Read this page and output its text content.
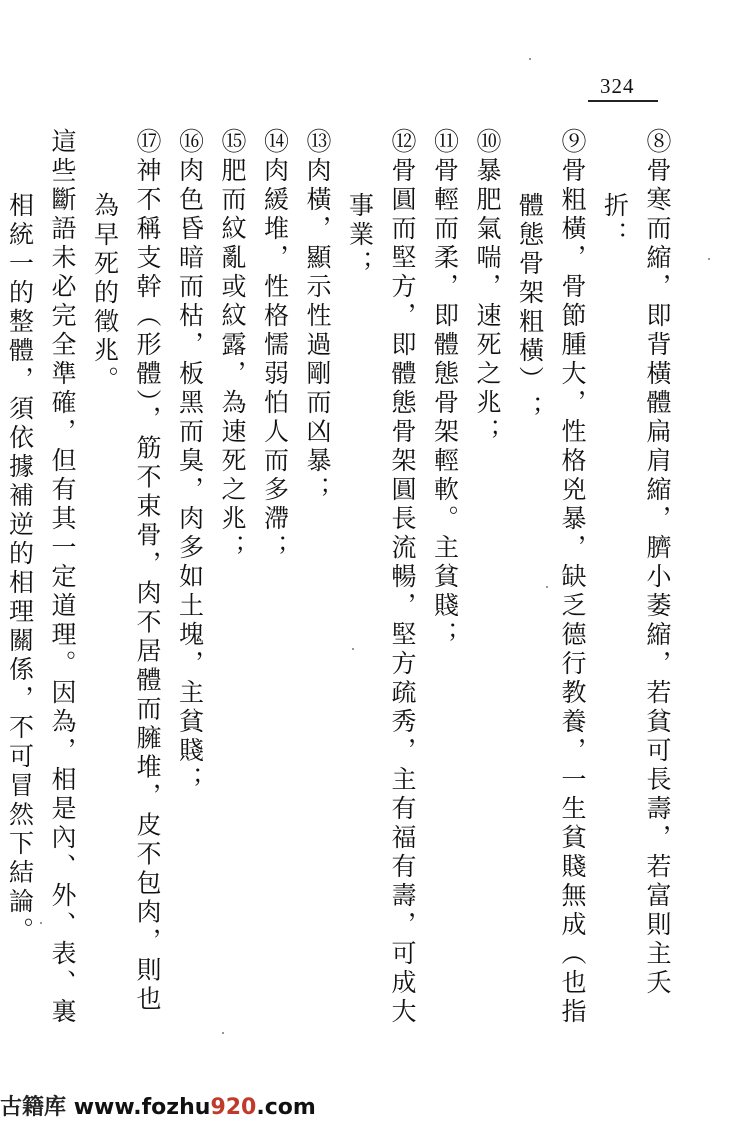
324
⑧骨寒而縮，即背橫體扁肩縮，臍小萎縮，若貧可長壽，若富則主夭
折：
⑨骨粗橫，骨節腫大，性格兇暴，缺乏德行教養，一生貧賤無成（也指
體態骨架粗橫）；
⑩暴肥氣喘，速死之兆；
⑪骨輕而柔，即體態骨架輕軟。主貧賤；
⑫骨圓而堅方，即體態骨架圓長流暢，堅方疏秀，主有福有壽，可成大
事業；
⑬肉橫，顯示性過剛而凶暴；
⑭肉緩堆，性格懦弱怕人而多滯；
⑮肥而紋亂或紋露，為速死之兆；
⑯肉色昏暗而枯，板黑而臭，肉多如土塊，主貧賤；
⑰神不稱支幹（形體），筋不束骨，肉不居體而臃堆，皮不包肉，則也
為早死的徵兆。
這些斷語未必完全準確，但有其一定道理。因為，相是內、外、表、裏
相統一的整體，須依據補逆的相理關係，不可冒然下結論。
古籍库 www.fozhu920.com
